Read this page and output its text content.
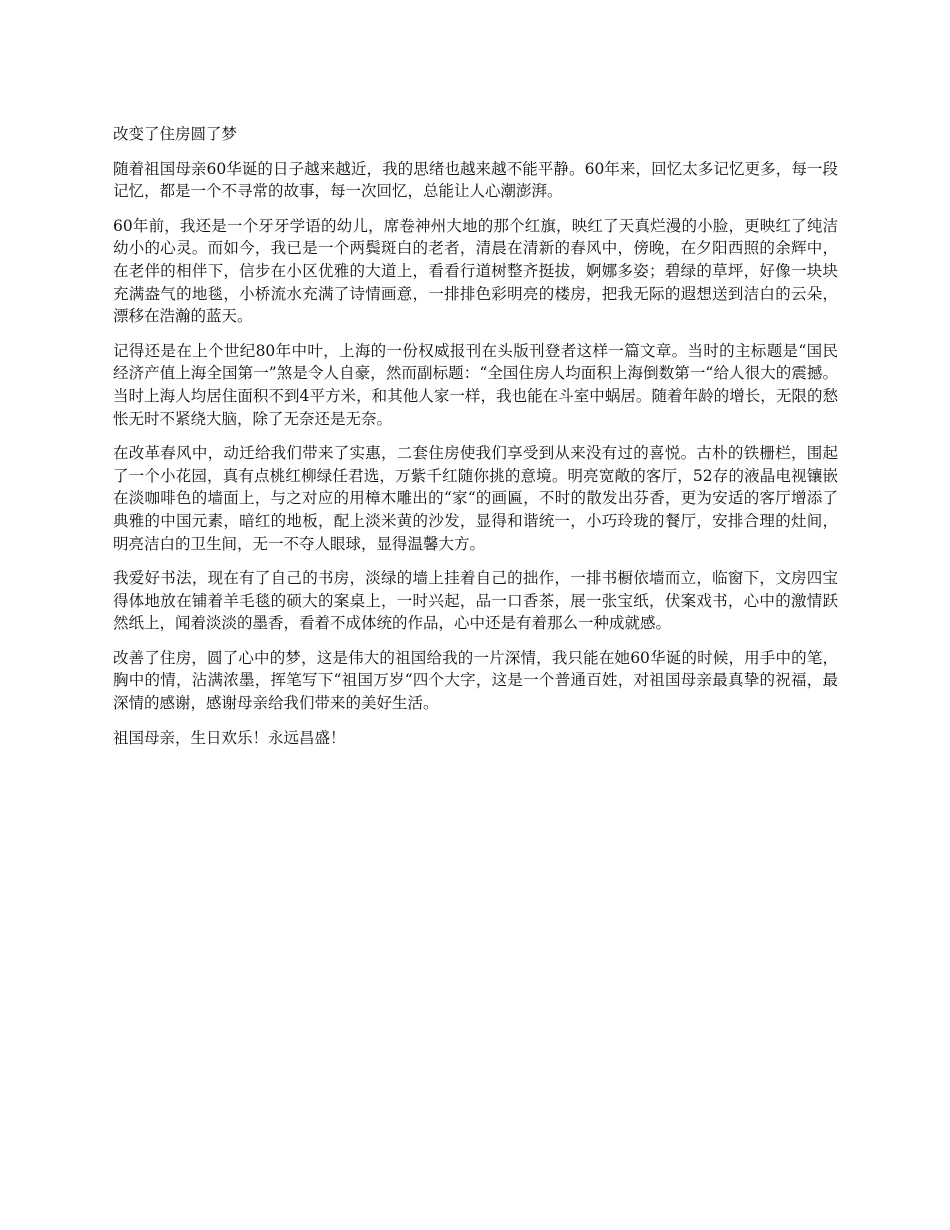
改变了住房圆了梦

随着祖国母亲60华诞的日子越来越近，我的思绪也越来越不能平静。60年来，回忆太多记忆更多，每一段记忆，都是一个不寻常的故事，每一次回忆，总能让人心潮澎湃。

60年前，我还是一个牙牙学语的幼儿，席卷神州大地的那个红旗，映红了天真烂漫的小脸，更映红了纯洁幼小的心灵。而如今，我已是一个两鬓斑白的老者，清晨在清新的春风中，傍晚，在夕阳西照的余辉中，在老伴的相伴下，信步在小区优雅的大道上，看看行道树整齐挺拔，婀娜多姿；碧绿的草坪，好像一块块充满盎气的地毯，小桥流水充满了诗情画意，一排排色彩明亮的楼房，把我无际的遐想送到洁白的云朵，漂移在浩瀚的蓝天。

记得还是在上个世纪80年中叶，上海的一份权威报刊在头版刊登者这样一篇文章。当时的主标题是“国民经济产值上海全国第一”煞是令人自豪，然而副标题：“全国住房人均面积上海倒数第一“给人很大的震撼。当时上海人均居住面积不到4平方米，和其他人家一样，我也能在斗室中蜗居。随着年龄的增长，无限的愁怅无时不紧绕大脑，除了无奈还是无奈。

在改革春风中，动迁给我们带来了实惠，二套住房使我们享受到从来没有过的喜悦。古朴的铁栅栏，围起了一个小花园，真有点桃红柳绿任君选，万紫千红随你挑的意境。明亮宽敞的客厅，52存的液晶电视镶嵌在淡咖啡色的墙面上，与之对应的用樟木雕出的“家“的画匾，不时的散发出芬香，更为安适的客厅增添了典雅的中国元素，暗红的地板，配上淡米黄的沙发，显得和谐统一，小巧玲珑的餐厅，安排合理的灶间，明亮洁白的卫生间，无一不夺人眼球，显得温馨大方。

我爱好书法，现在有了自己的书房，淡绿的墙上挂着自己的拙作，一排书橱依墙而立，临窗下，文房四宝得体地放在铺着羊毛毯的硕大的案桌上，一时兴起，品一口香茶，展一张宝纸，伏案戏书，心中的激情跃然纸上，闻着淡淡的墨香，看着不成体统的作品，心中还是有着那么一种成就感。

改善了住房，圆了心中的梦，这是伟大的祖国给我的一片深情，我只能在她60华诞的时候，用手中的笔，胸中的情，沾满浓墨，挥笔写下“祖国万岁“四个大字，这是一个普通百姓，对祖国母亲最真挚的祝福，最深情的感谢，感谢母亲给我们带来的美好生活。

祖国母亲，生日欢乐！永远昌盛！
